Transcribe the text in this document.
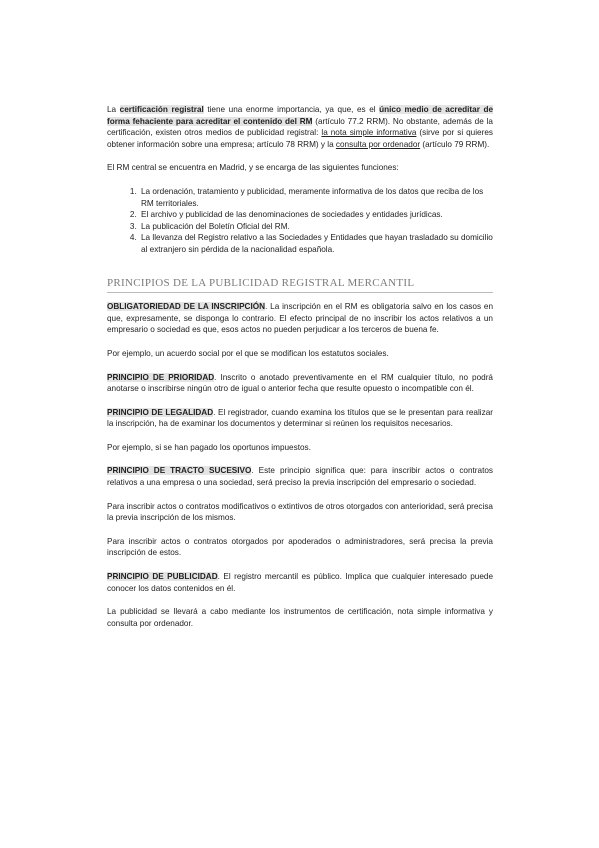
La certificación registral tiene una enorme importancia, ya que, es el único medio de acreditar de forma fehaciente para acreditar el contenido del RM (artículo 77.2 RRM). No obstante, además de la certificación, existen otros medios de publicidad registral: la nota simple informativa (sirve por si quieres obtener información sobre una empresa; artículo 78 RRM) y la consulta por ordenador (artículo 79 RRM).

El RM central se encuentra en Madrid, y se encarga de las siguientes funciones:

1. La ordenación, tratamiento y publicidad, meramente informativa de los datos que reciba de los RM territoriales.
2. El archivo y publicidad de las denominaciones de sociedades y entidades jurídicas.
3. La publicación del Boletín Oficial del RM.
4. La llevanza del Registro relativo a las Sociedades y Entidades que hayan trasladado su domicilio al extranjero sin pérdida de la nacionalidad española.
PRINCIPIOS DE LA PUBLICIDAD REGISTRAL MERCANTIL

OBLIGATORIEDAD DE LA INSCRIPCIÓN. La inscripción en el RM es obligatoria salvo en los casos en que, expresamente, se disponga lo contrario. El efecto principal de no inscribir los actos relativos a un empresario o sociedad es que, esos actos no pueden perjudicar a los terceros de buena fe.

Por ejemplo, un acuerdo social por el que se modifican los estatutos sociales.

PRINCIPIO DE PRIORIDAD. Inscrito o anotado preventivamente en el RM cualquier título, no podrá anotarse o inscribirse ningún otro de igual o anterior fecha que resulte opuesto o incompatible con él.

PRINCIPIO DE LEGALIDAD. El registrador, cuando examina los títulos que se le presentan para realizar la inscripción, ha de examinar los documentos y determinar si reúnen los requisitos necesarios.

Por ejemplo, si se han pagado los oportunos impuestos.

PRINCIPIO DE TRACTO SUCESIVO. Este principio significa que: para inscribir actos o contratos relativos a una empresa o una sociedad, será preciso la previa inscripción del empresario o sociedad.

Para inscribir actos o contratos modificativos o extintivos de otros otorgados con anterioridad, será precisa la previa inscripción de los mismos.

Para inscribir actos o contratos otorgados por apoderados o administradores, será precisa la previa inscripción de estos.

PRINCIPIO DE PUBLICIDAD. El registro mercantil es público. Implica que cualquier interesado puede conocer los datos contenidos en él.

La publicidad se llevará a cabo mediante los instrumentos de certificación, nota simple informativa y consulta por ordenador.
